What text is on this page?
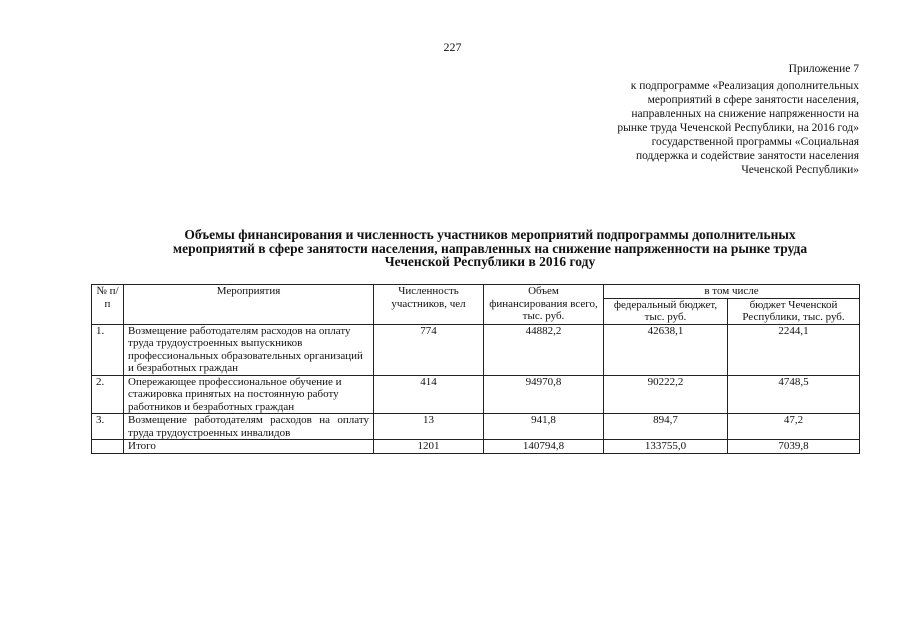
227
Приложение 7
к подпрограмме «Реализация дополнительных
мероприятий в сфере занятости населения,
направленных на снижение напряженности на
рынке труда Чеченской Республики, на 2016 год»
государственной программы «Социальная
поддержка и содействие занятости населения
Чеченской Республики»
Объемы финансирования и численность участников мероприятий подпрограммы дополнительных
мероприятий в сфере занятости населения, направленных на снижение напряженности на рынке труда
Чеченской Республики в 2016 году
№ п/п	Мероприятия	Численность участников, чел	Объем финансирования всего, тыс. руб.	в том числе	
				федеральный бюджет, тыс. руб.	бюджет Чеченской Республики, тыс. руб.
1.	Возмещение работодателям расходов на оплату труда трудоустроенных выпускников профессиональных образовательных организаций и безработных граждан	774	44882,2	42638,1	2244,1
2.	Опережающее профессиональное обучение и стажировка принятых на постоянную работу работников и безработных граждан	414	94970,8	90222,2	4748,5
3.	Возмещение работодателям расходов на оплату труда трудоустроенных инвалидов	13	941,8	894,7	47,2
	Итого	1201	140794,8	133755,0	7039,8
